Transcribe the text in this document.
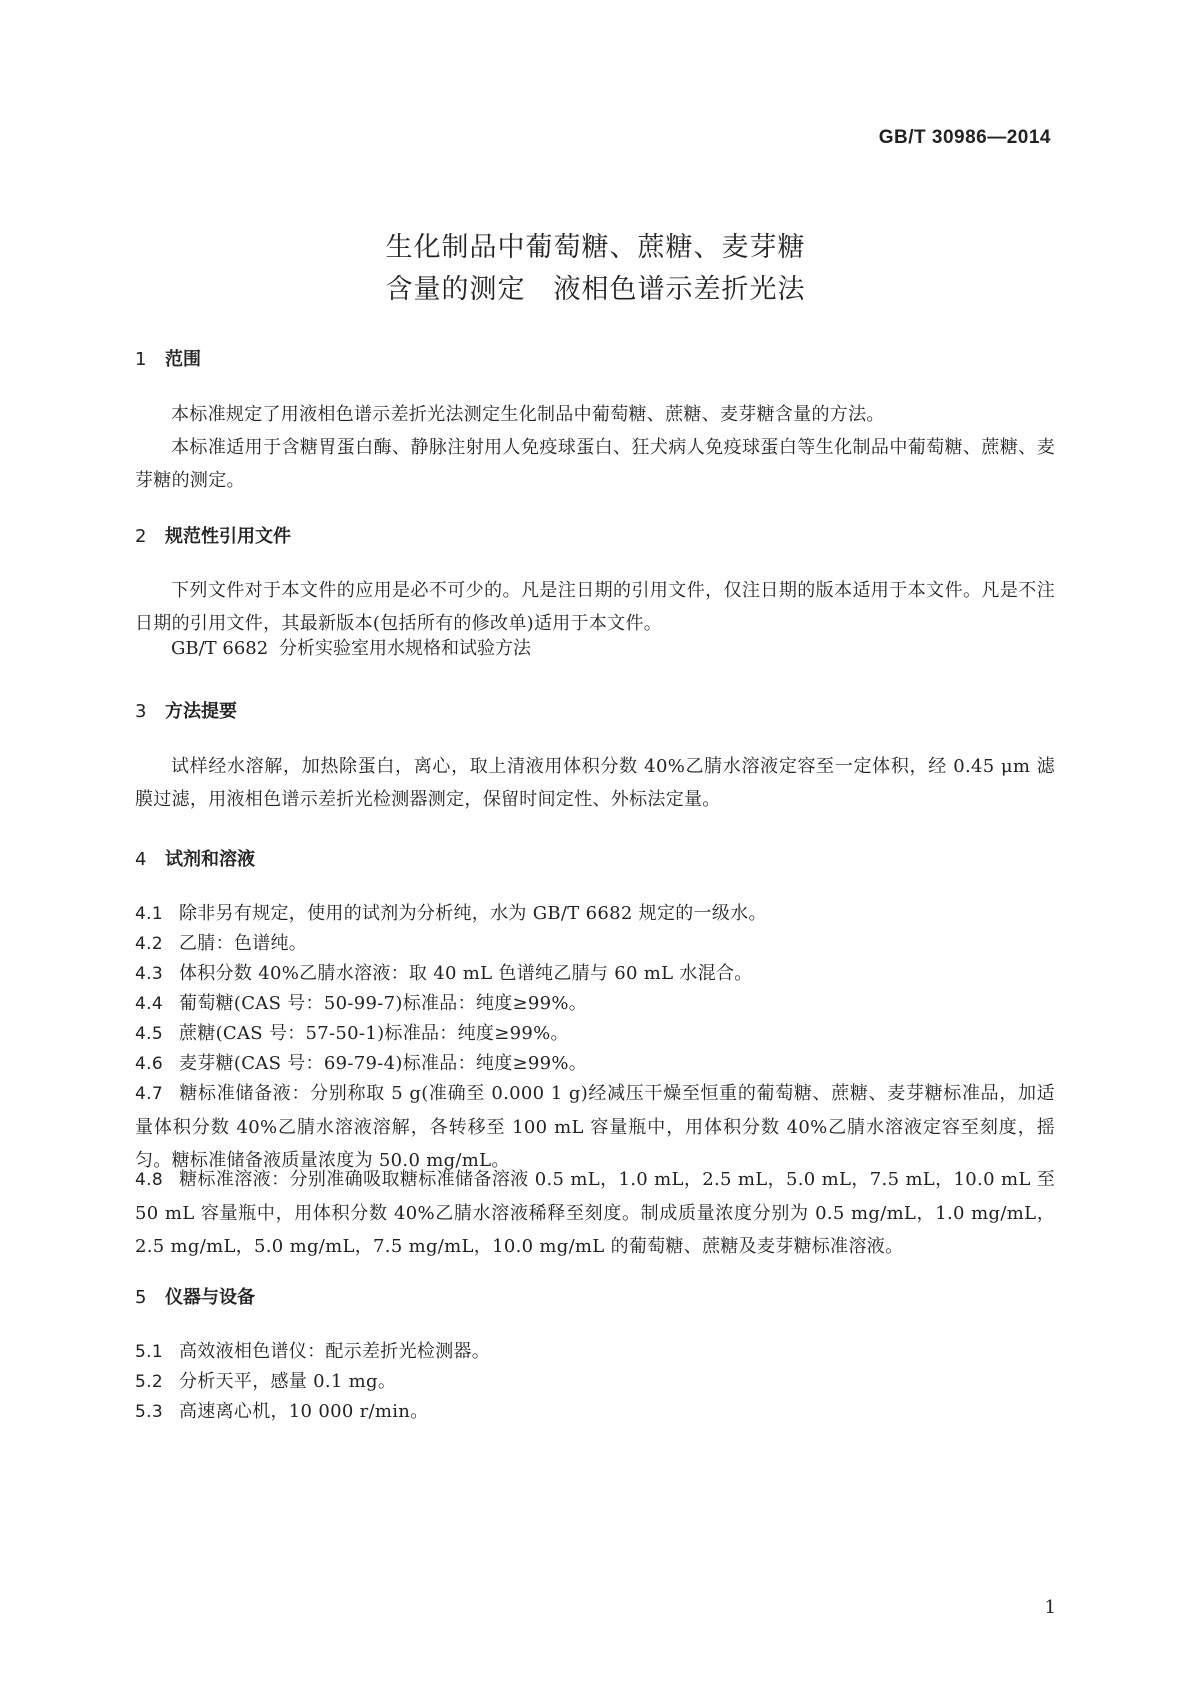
GB/T 30986—2014
生化制品中葡萄糖、蔗糖、麦芽糖
含量的测定　液相色谱示差折光法
1 范围
本标准规定了用液相色谱示差折光法测定生化制品中葡萄糖、蔗糖、麦芽糖含量的方法。
本标准适用于含糖胃蛋白酶、静脉注射用人免疫球蛋白、狂犬病人免疫球蛋白等生化制品中葡萄糖、蔗糖、麦芽糖的测定。
2 规范性引用文件
下列文件对于本文件的应用是必不可少的。凡是注日期的引用文件，仅注日期的版本适用于本文件。凡是不注日期的引用文件，其最新版本(包括所有的修改单)适用于本文件。
GB/T 6682 分析实验室用水规格和试验方法
3 方法提要
试样经水溶解，加热除蛋白，离心，取上清液用体积分数 40%乙腈水溶液定容至一定体积，经 0.45 μm 滤膜过滤，用液相色谱示差折光检测器测定，保留时间定性、外标法定量。
4 试剂和溶液
4.1 除非另有规定，使用的试剂为分析纯，水为 GB/T 6682 规定的一级水。
4.2 乙腈：色谱纯。
4.3 体积分数 40%乙腈水溶液：取 40 mL 色谱纯乙腈与 60 mL 水混合。
4.4 葡萄糖(CAS 号：50-99-7)标准品：纯度≥99%。
4.5 蔗糖(CAS 号：57-50-1)标准品：纯度≥99%。
4.6 麦芽糖(CAS 号：69-79-4)标准品：纯度≥99%。
4.7 糖标准储备液：分别称取 5 g(准确至 0.000 1 g)经减压干燥至恒重的葡萄糖、蔗糖、麦芽糖标准品，加适量体积分数 40%乙腈水溶液溶解，各转移至 100 mL 容量瓶中，用体积分数 40%乙腈水溶液定容至刻度，摇匀。糖标准储备液质量浓度为 50.0 mg/mL。
4.8 糖标准溶液：分别准确吸取糖标准储备溶液 0.5 mL，1.0 mL，2.5 mL，5.0 mL，7.5 mL，10.0 mL 至 50 mL 容量瓶中，用体积分数 40%乙腈水溶液稀释至刻度。制成质量浓度分别为 0.5 mg/mL，1.0 mg/mL，2.5 mg/mL，5.0 mg/mL，7.5 mg/mL，10.0 mg/mL 的葡萄糖、蔗糖及麦芽糖标准溶液。
5 仪器与设备
5.1 高效液相色谱仪：配示差折光检测器。
5.2 分析天平，感量 0.1 mg。
5.3 高速离心机，10 000 r/min。
1
